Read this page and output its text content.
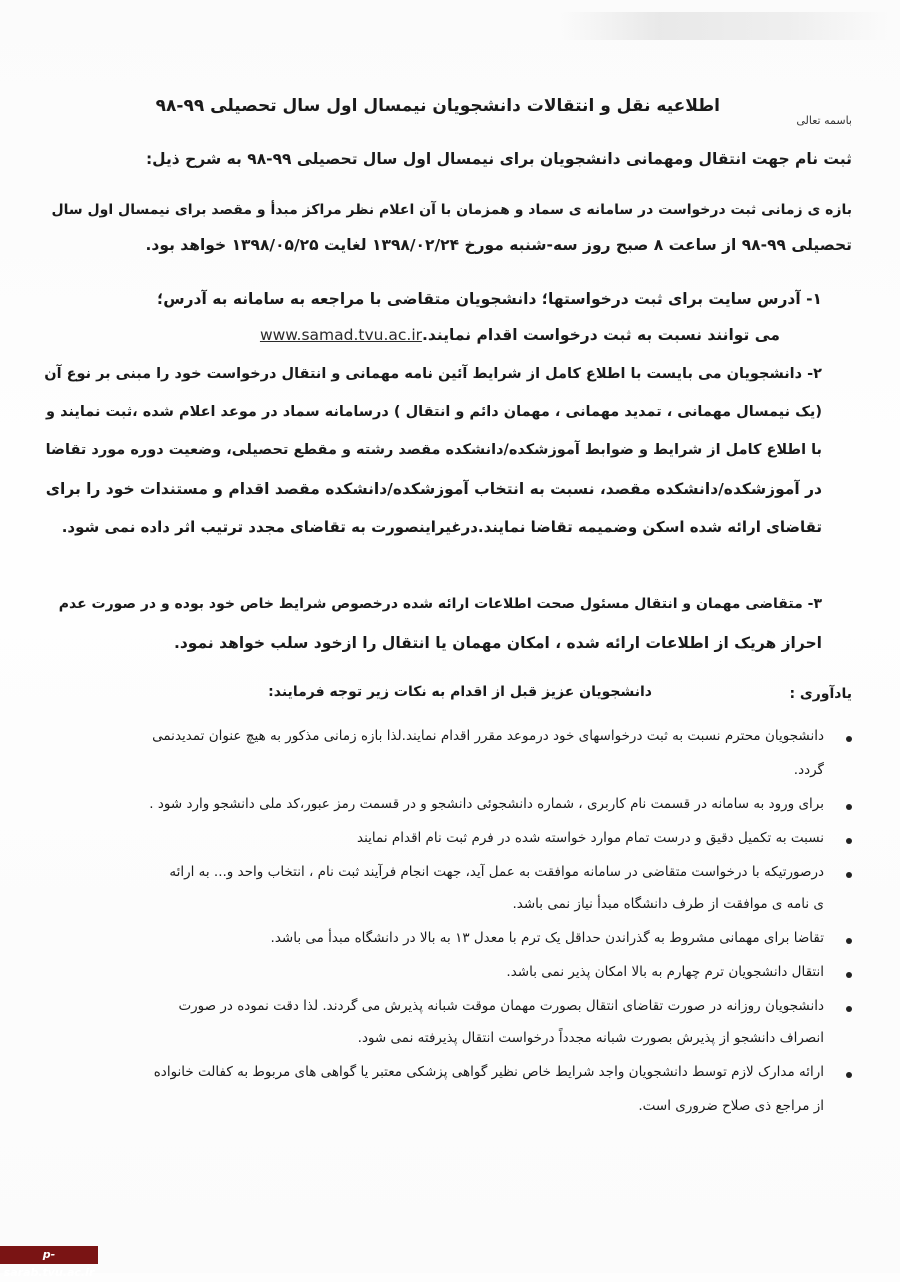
اطلاعیه نقل و انتقالات دانشجویان نیمسال اول سال تحصیلی ۹۹-۹۸
باسمه تعالی
ثبت نام جهت انتقال ومهمانی دانشجویان برای نیمسال اول سال تحصیلی ۹۹-۹۸ به شرح ذیل:
بازه ی زمانی ثبت درخواست در سامانه ی سماد و همزمان با آن اعلام نظر مراکز مبدأ و مقصد برای نیمسال اول سال
تحصیلی ۹۹-۹۸ از ساعت ۸ صبح روز سه-شنبه مورخ ۱۳۹۸/۰۲/۲۴ لغایت ۱۳۹۸/۰۵/۲۵ خواهد بود.
۱- آدرس سایت برای ثبت درخواستها؛ دانشجویان متقاضی با مراجعه به سامانه به آدرس؛
می توانند نسبت به ثبت درخواست اقدام نمایند.www.samad.tvu.ac.ir
۲- دانشجویان می بایست با اطلاع کامل از شرایط آئین نامه مهمانی و انتقال درخواست خود را مبنی بر نوع آن
(یک نیمسال مهمانی ، تمدید مهمانی ، مهمان دائم و انتقال ) درسامانه سماد در موعد اعلام شده ،ثبت نمایند و
با اطلاع کامل از شرایط و ضوابط آموزشکده/دانشکده مقصد رشته و مقطع تحصیلی، وضعیت دوره مورد تقاضا
در آموزشکده/دانشکده مقصد، نسبت به انتخاب آموزشکده/دانشکده مقصد اقدام و مستندات خود را برای
تقاضای ارائه شده اسکن وضمیمه تقاضا نمایند.درغیراینصورت به تقاضای مجدد ترتیب اثر داده نمی شود.
۳- متقاضی مهمان و انتقال مسئول صحت اطلاعات ارائه شده درخصوص شرایط خاص خود بوده و در صورت عدم
احراز هریک از اطلاعات ارائه شده ، امکان مهمان یا انتقال را ازخود سلب خواهد نمود.
یادآوری :
دانشجویان عزیز قبل از اقدام به نکات زیر توجه فرمایند:
دانشجویان محترم نسبت به ثبت درخواسهای خود درموعد مقرر اقدام نمایند.لذا بازه زمانی مذکور به هیچ عنوان تمدیدنمی
گردد.
برای ورود به سامانه در قسمت نام کاربری ، شماره دانشجوئی دانشجو و در قسمت رمز عبور،کد ملی دانشجو وارد شود .
نسبت به تکمیل دقیق و درست تمام موارد خواسته شده در فرم ثبت نام اقدام نمایند
درصورتیکه با درخواست متقاضی در سامانه موافقت به عمل آید، جهت انجام فرآیند ثبت نام ، انتخاب واحد و... به ارائه
ی نامه ی موافقت از طرف دانشگاه مبدأ نیاز نمی باشد.
تقاضا برای مهمانی مشروط به گذراندن حداقل یک ترم با معدل ۱۳ به بالا در دانشگاه مبدأ می باشد.
انتقال دانشجویان ترم چهارم به بالا امکان پذیر نمی باشد.
دانشجویان روزانه در صورت تقاضای انتقال بصورت مهمان موقت شبانه پذیرش می گردند. لذا دقت نموده در صورت
انصراف دانشجو از پذیرش بصورت شبانه مجدداً درخواست انتقال پذیرفته نمی شود.
ارائه مدارک لازم توسط دانشجویان واجد شرایط خاص نظیر گواهی پزشکی معتبر یا گواهی های مربوط به کفالت خانواده
از مراجع ذی صلاح ضروری است.
p-sarab.tvu.ac.ir
